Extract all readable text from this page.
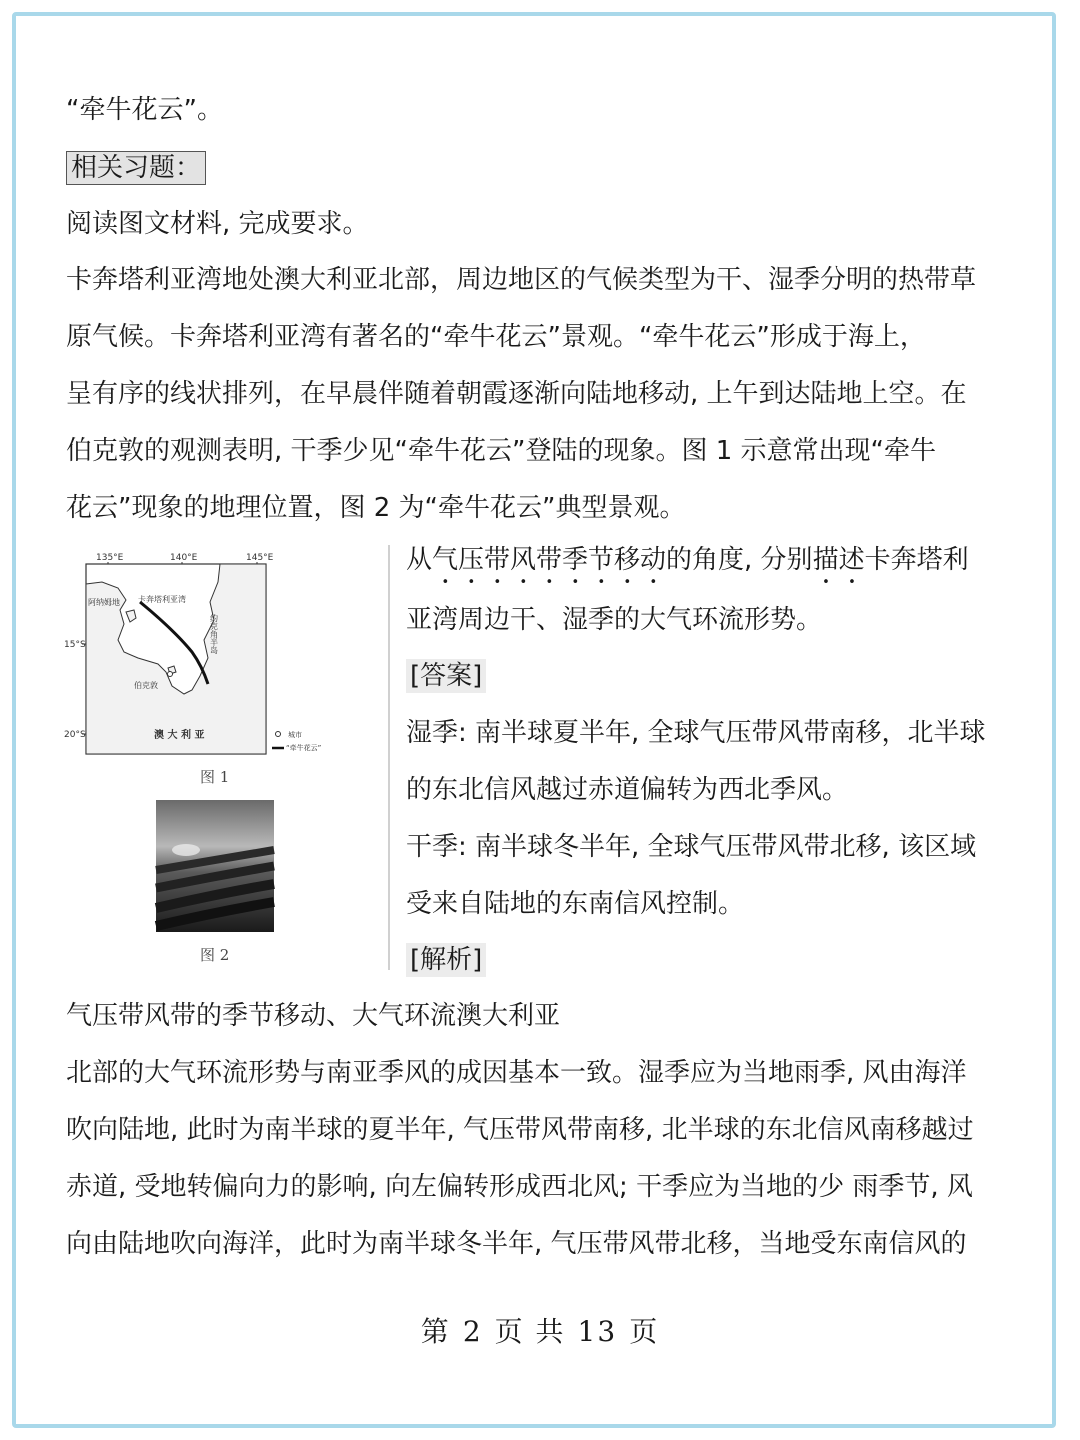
“牵牛花云”。
相关习题：
阅读图文材料, 完成要求。
卡奔塔利亚湾地处澳大利亚北部，周边地区的气候类型为干、湿季分明的热带草
原气候。卡奔塔利亚湾有著名的“牵牛花云”景观。“牵牛花云”形成于海上，
呈有序的线状排列，在早晨伴随着朝霞逐渐向陆地移动, 上午到达陆地上空。在
伯克敦的观测表明, 干季少见“牵牛花云”登陆的现象。图 1 示意常出现“牵牛
花云”现象的地理位置，图 2 为“牵牛花云”典型景观。
135°E	140°E	145°E
15°S
20°S
阿纳姆地 卡奔塔利亚湾
约克角半岛
伯克敦
澳 大 利 亚	城市
“牵牛花云”
图 1
图 2
从气压带风带季节移动的角度, 分别描述卡奔塔利
亚湾周边干、湿季的大气环流形势。
[答案]
湿季: 南半球夏半年, 全球气压带风带南移，北半球
的东北信风越过赤道偏转为西北季风。
干季: 南半球冬半年, 全球气压带风带北移, 该区域
受来自陆地的东南信风控制。
[解析]
气压带风带的季节移动、大气环流澳大利亚
北部的大气环流形势与南亚季风的成因基本一致。湿季应为当地雨季, 风由海洋
吹向陆地, 此时为南半球的夏半年, 气压带风带南移, 北半球的东北信风南移越过
赤道, 受地转偏向力的影响, 向左偏转形成西北风; 干季应为当地的少 雨季节, 风
向由陆地吹向海洋，此时为南半球冬半年, 气压带风带北移，当地受东南信风的
第 2 页 共 13 页
